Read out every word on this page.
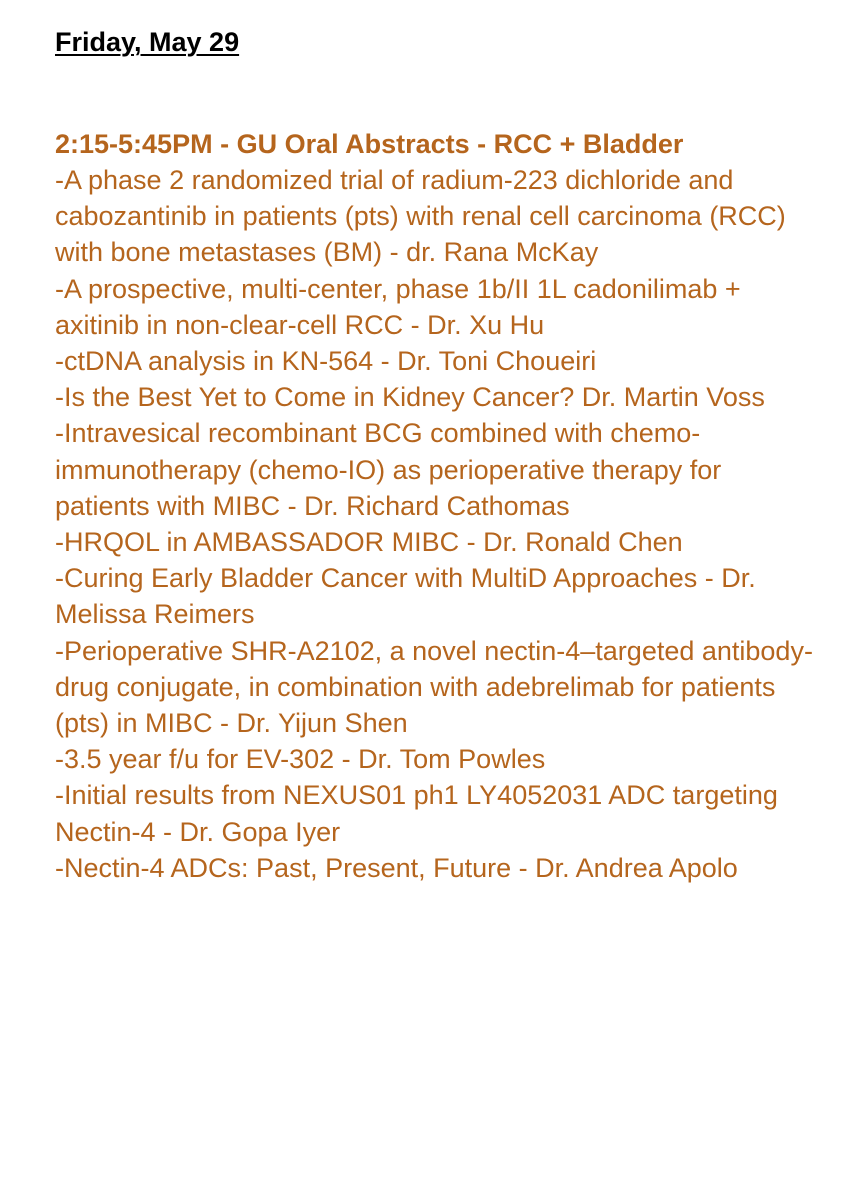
Friday, May 29
2:15-5:45PM - GU Oral Abstracts - RCC + Bladder
-A phase 2 randomized trial of radium-223 dichloride and cabozantinib in patients (pts) with renal cell carcinoma (RCC) with bone metastases (BM) - dr. Rana McKay
-A prospective, multi-center, phase 1b/II 1L cadonilimab + axitinib in non-clear-cell RCC - Dr. Xu Hu
-ctDNA analysis in KN-564 - Dr. Toni Choueiri
-Is the Best Yet to Come in Kidney Cancer? Dr. Martin Voss
-Intravesical recombinant BCG combined with chemo-immunotherapy (chemo-IO) as perioperative therapy for patients with MIBC - Dr. Richard Cathomas
-HRQOL in AMBASSADOR MIBC - Dr. Ronald Chen
-Curing Early Bladder Cancer with MultiD Approaches - Dr. Melissa Reimers
-Perioperative SHR-A2102, a novel nectin-4–targeted antibody-drug conjugate, in combination with adebrelimab for patients (pts) in MIBC - Dr. Yijun Shen
-3.5 year f/u for EV-302 - Dr. Tom Powles
-Initial results from NEXUS01 ph1 LY4052031 ADC targeting Nectin-4 - Dr. Gopa Iyer
-Nectin-4 ADCs: Past, Present, Future - Dr. Andrea Apolo
